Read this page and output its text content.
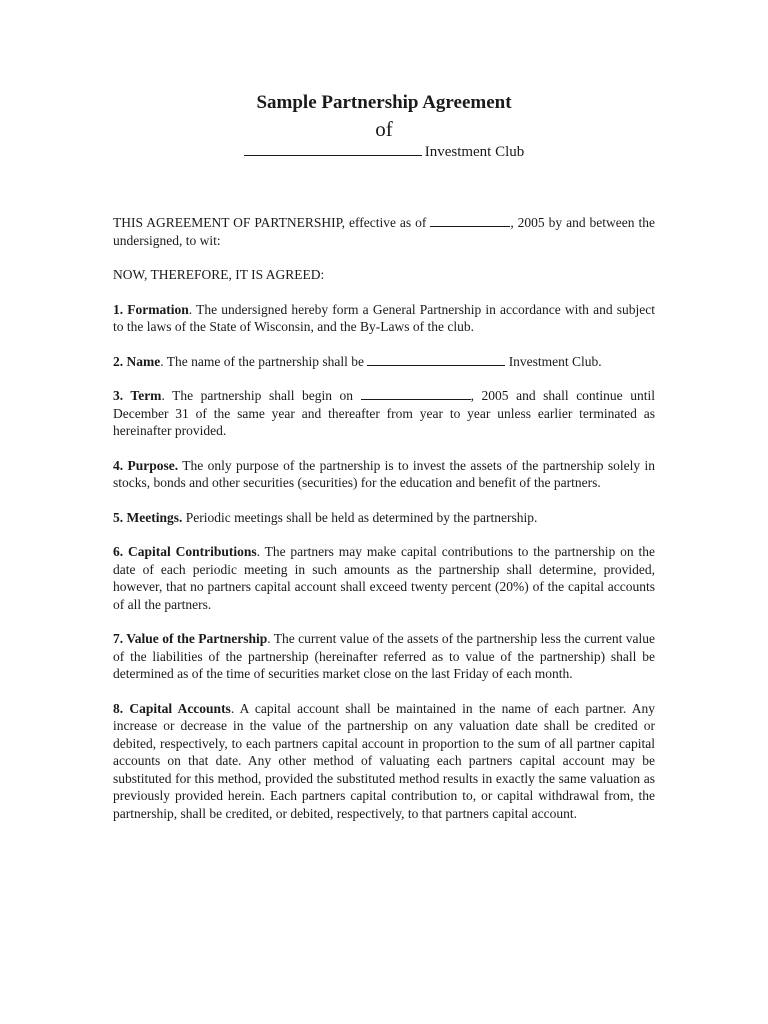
Sample Partnership Agreement
of
Investment Club

THIS AGREEMENT OF PARTNERSHIP, effective as of	, 2005 by and between the undersigned, to wit:

NOW, THEREFORE, IT IS AGREED:

1. Formation. The undersigned hereby form a General Partnership in accordance with and subject to the laws of the State of Wisconsin, and the By-Laws of the club.

2. Name. The name of the partnership shall be	Investment Club.

3. Term. The partnership shall begin on	, 2005 and shall continue until December 31 of the same year and thereafter from year to year unless earlier terminated as hereinafter provided.

4. Purpose. The only purpose of the partnership is to invest the assets of the partnership solely in stocks, bonds and other securities (securities) for the education and benefit of the partners.

5. Meetings. Periodic meetings shall be held as determined by the partnership.

6. Capital Contributions. The partners may make capital contributions to the partnership on the date of each periodic meeting in such amounts as the partnership shall determine, provided, however, that no partners capital account shall exceed twenty percent (20%) of the capital accounts of all the partners.

7. Value of the Partnership. The current value of the assets of the partnership less the current value of the liabilities of the partnership (hereinafter referred as to value of the partnership) shall be determined as of the time of securities market close on the last Friday of each month.

8. Capital Accounts. A capital account shall be maintained in the name of each partner. Any increase or decrease in the value of the partnership on any valuation date shall be credited or debited, respectively, to each partners capital account in proportion to the sum of all partner capital accounts on that date. Any other method of valuating each partners capital account may be substituted for this method, provided the substituted method results in exactly the same valuation as previously provided herein. Each partners capital contribution to, or capital withdrawal from, the partnership, shall be credited, or debited, respectively, to that partners capital account.
